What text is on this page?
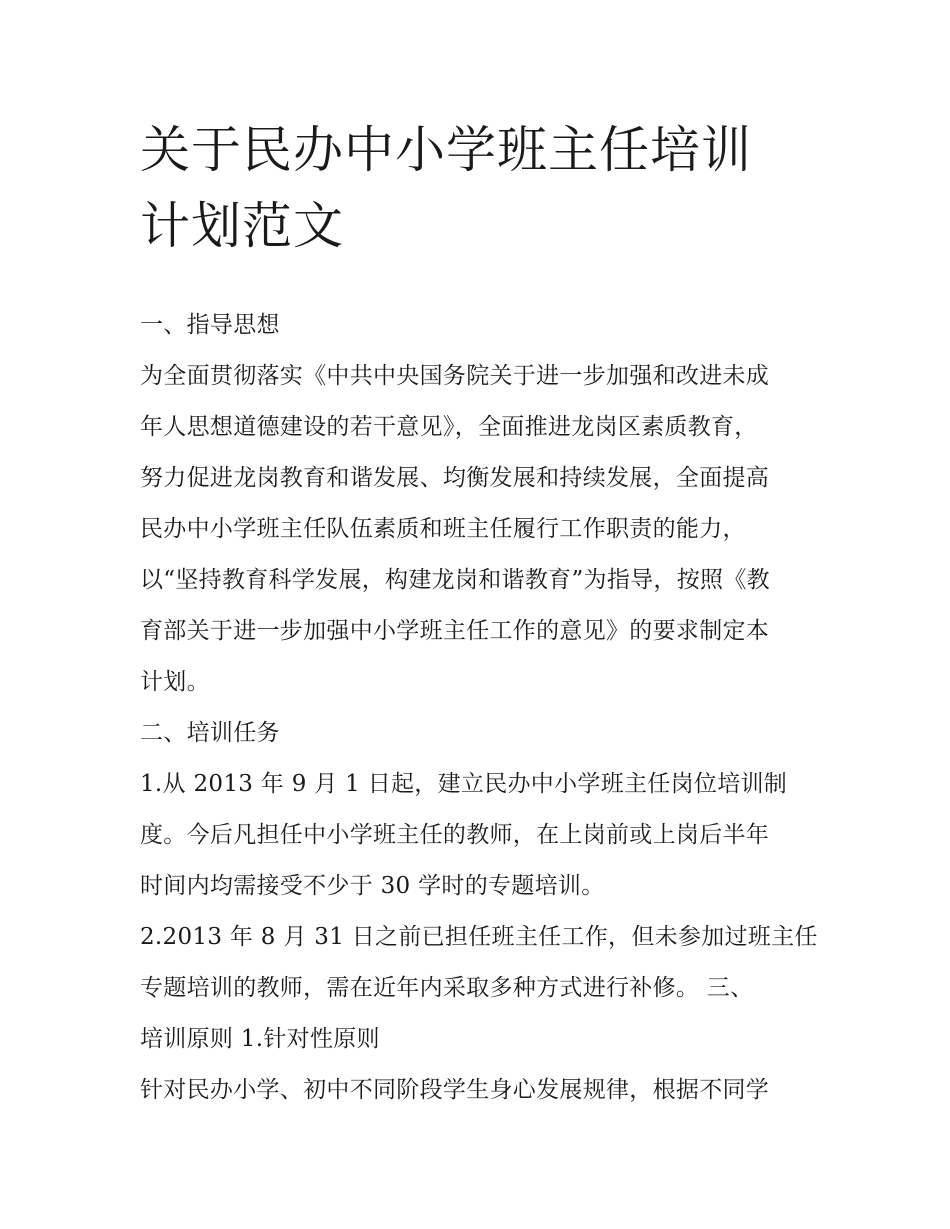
关于民办中小学班主任培训计划范文
一、指导思想
为全面贯彻落实《中共中央国务院关于进一步加强和改进未成
年人思想道德建设的若干意见》，全面推进龙岗区素质教育，
努力促进龙岗教育和谐发展、均衡发展和持续发展，全面提高
民办中小学班主任队伍素质和班主任履行工作职责的能力，
以“坚持教育科学发展，构建龙岗和谐教育”为指导，按照《教
育部关于进一步加强中小学班主任工作的意见》的要求制定本
计划。
二、培训任务
1.从 2013 年 9 月 1 日起，建立民办中小学班主任岗位培训制
度。今后凡担任中小学班主任的教师，在上岗前或上岗后半年
时间内均需接受不少于 30 学时的专题培训。
2.2013 年 8 月 31 日之前已担任班主任工作，但未参加过班主任
专题培训的教师，需在近年内采取多种方式进行补修。 三、
培训原则 1.针对性原则
针对民办小学、初中不同阶段学生身心发展规律，根据不同学
